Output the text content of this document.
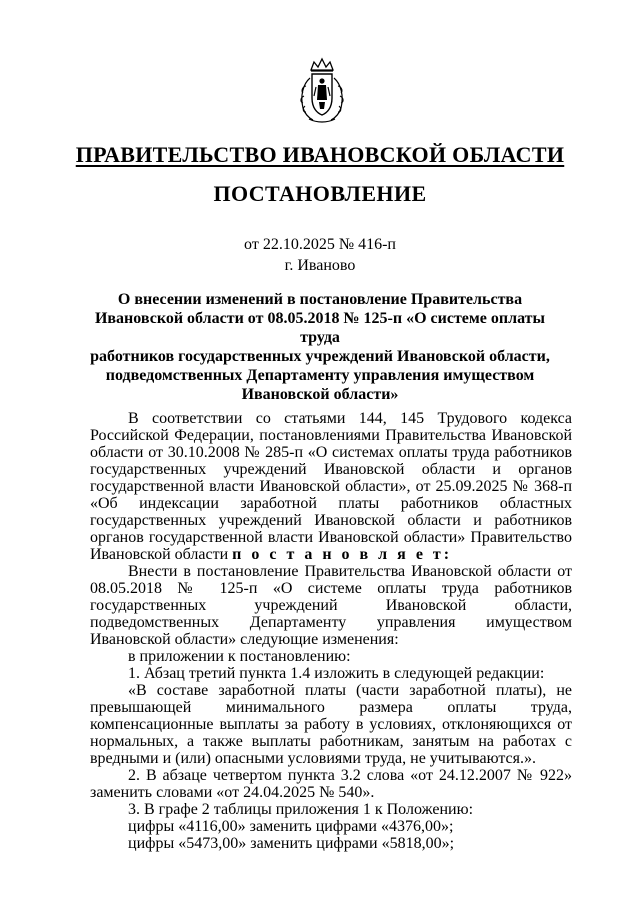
ПРАВИТЕЛЬСТВО ИВАНОВСКОЙ ОБЛАСТИ
ПОСТАНОВЛЕНИЕ
от 22.10.2025 № 416-п
г. Иваново
О внесении изменений в постановление Правительства
Ивановской области от 08.05.2018 № 125-п «О системе оплаты труда
работников государственных учреждений Ивановской области,
подведомственных Департаменту управления имуществом
Ивановской области»

В соответствии со статьями 144, 145 Трудового кодекса Российской Федерации, постановлениями Правительства Ивановской области от 30.10.2008 № 285-п «О системах оплаты труда работников государственных учреждений Ивановской области и органов государственной власти Ивановской области», от 25.09.2025 № 368-п «Об индексации заработной платы работников областных государственных учреждений Ивановской области и работников органов государственной власти Ивановской области» Правительство Ивановской области п о с т а н о в л я е т:

Внести в постановление Правительства Ивановской области от 08.05.2018 № 125-п «О системе оплаты труда работников государственных учреждений Ивановской области, подведомственных Департаменту управления имуществом Ивановской области» следующие изменения:

в приложении к постановлению:

1. Абзац третий пункта 1.4 изложить в следующей редакции:

«В составе заработной платы (части заработной платы), не превышающей минимального размера оплаты труда, компенсационные выплаты за работу в условиях, отклоняющихся от нормальных, а также выплаты работникам, занятым на работах с вредными и (или) опасными условиями труда, не учитываются.».

2. В абзаце четвертом пункта 3.2 слова «от 24.12.2007 № 922» заменить словами «от 24.04.2025 № 540».

3. В графе 2 таблицы приложения 1 к Положению:

цифры «4116,00» заменить цифрами «4376,00»;

цифры «5473,00» заменить цифрами «5818,00»;
